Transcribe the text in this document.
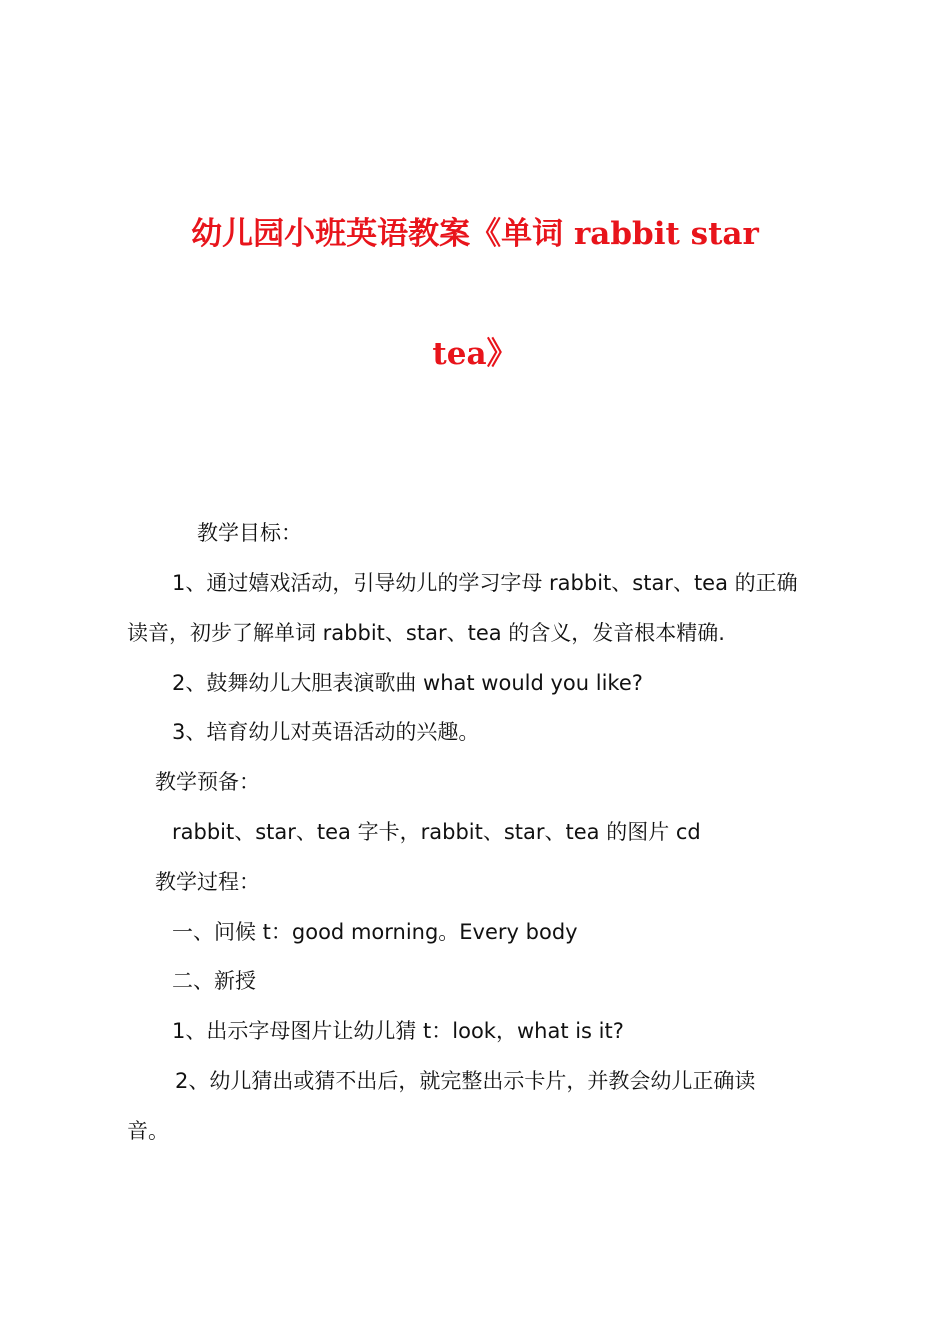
幼儿园小班英语教案《单词 rabbit star
tea》
教学目标：
1、通过嬉戏活动，引导幼儿的学习字母 rabbit、star、tea 的正确
读音，初步了解单词 rabbit、star、tea 的含义，发音根本精确.
2、鼓舞幼儿大胆表演歌曲 what would you like?
3、培育幼儿对英语活动的兴趣。
教学预备：
rabbit、star、tea 字卡，rabbit、star、tea 的图片 cd
教学过程：
一、问候 t：good morning。Every body
二、新授
1、出示字母图片让幼儿猜 t：look，what is it?
2、幼儿猜出或猜不出后，就完整出示卡片，并教会幼儿正确读
音。
